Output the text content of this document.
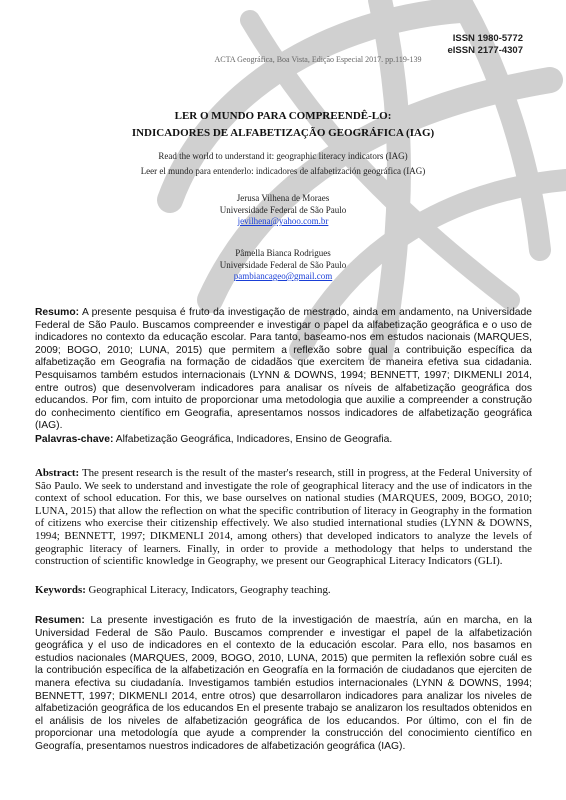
ISSN 1980-5772
eISSN 2177-4307
ACTA Geográfica, Boa Vista, Edição Especial 2017. pp.119-139
LER O MUNDO PARA COMPREENDÊ-LO:
INDICADORES DE ALFABETIZAÇÃO GEOGRÁFICA (IAG)
Read the world to understand it: geographic literacy indicators (IAG)
Leer el mundo para entenderlo: indicadores de alfabetización geográfica (IAG)
Jerusa Vilhena de Moraes
Universidade Federal de São Paulo
jevilhena@yahoo.com.br
Pâmella Bianca Rodrigues
Universidade Federal de São Paulo
pambiancageo@gmail.com
Resumo: A presente pesquisa é fruto da investigação de mestrado, ainda em andamento, na Universidade Federal de São Paulo. Buscamos compreender e investigar o papel da alfabetização geográfica e o uso de indicadores no contexto da educação escolar. Para tanto, baseamo-nos em estudos nacionais (MARQUES, 2009; BOGO, 2010; LUNA, 2015) que permitem a reflexão sobre qual a contribuição específica da alfabetização em Geografia na formação de cidadãos que exercitem de maneira efetiva sua cidadania. Pesquisamos também estudos internacionais (LYNN & DOWNS, 1994; BENNETT, 1997; DIKMENLI 2014, entre outros) que desenvolveram indicadores para analisar os níveis de alfabetização geográfica dos educandos. Por fim, com intuito de proporcionar uma metodologia que auxilie a compreender a construção do conhecimento científico em Geografia, apresentamos nossos indicadores de alfabetização geográfica (IAG).
Palavras-chave: Alfabetização Geográfica, Indicadores, Ensino de Geografia.
Abstract: The present research is the result of the master's research, still in progress, at the Federal University of São Paulo. We seek to understand and investigate the role of geographical literacy and the use of indicators in the context of school education. For this, we base ourselves on national studies (MARQUES, 2009, BOGO, 2010; LUNA, 2015) that allow the reflection on what the specific contribution of literacy in Geography in the formation of citizens who exercise their citizenship effectively. We also studied international studies (LYNN & DOWNS, 1994; BENNETT, 1997; DIKMENLI 2014, among others) that developed indicators to analyze the levels of geographic literacy of learners. Finally, in order to provide a methodology that helps to understand the construction of scientific knowledge in Geography, we present our Geographical Literacy Indicators (GLI).
Keywords: Geographical Literacy, Indicators, Geography teaching.
Resumen: La presente investigación es fruto de la investigación de maestría, aún en marcha, en la Universidad Federal de São Paulo. Buscamos comprender e investigar el papel de la alfabetización geográfica y el uso de indicadores en el contexto de la educación escolar. Para ello, nos basamos en estudios nacionales (MARQUES, 2009, BOGO, 2010, LUNA, 2015) que permiten la reflexión sobre cuál es la contribución específica de la alfabetización en Geografía en la formación de ciudadanos que ejerciten de manera efectiva su ciudadanía. Investigamos también estudios internacionales (LYNN & DOWNS, 1994; BENNETT, 1997; DIKMENLI 2014, entre otros) que desarrollaron indicadores para analizar los niveles de alfabetización geográfica de los educandos En el presente trabajo se analizaron los resultados obtenidos en el análisis de los niveles de alfabetización geográfica de los educandos. Por último, con el fin de proporcionar una metodología que ayude a comprender la construcción del conocimiento científico en Geografía, presentamos nuestros indicadores de alfabetización geográfica (IAG).
